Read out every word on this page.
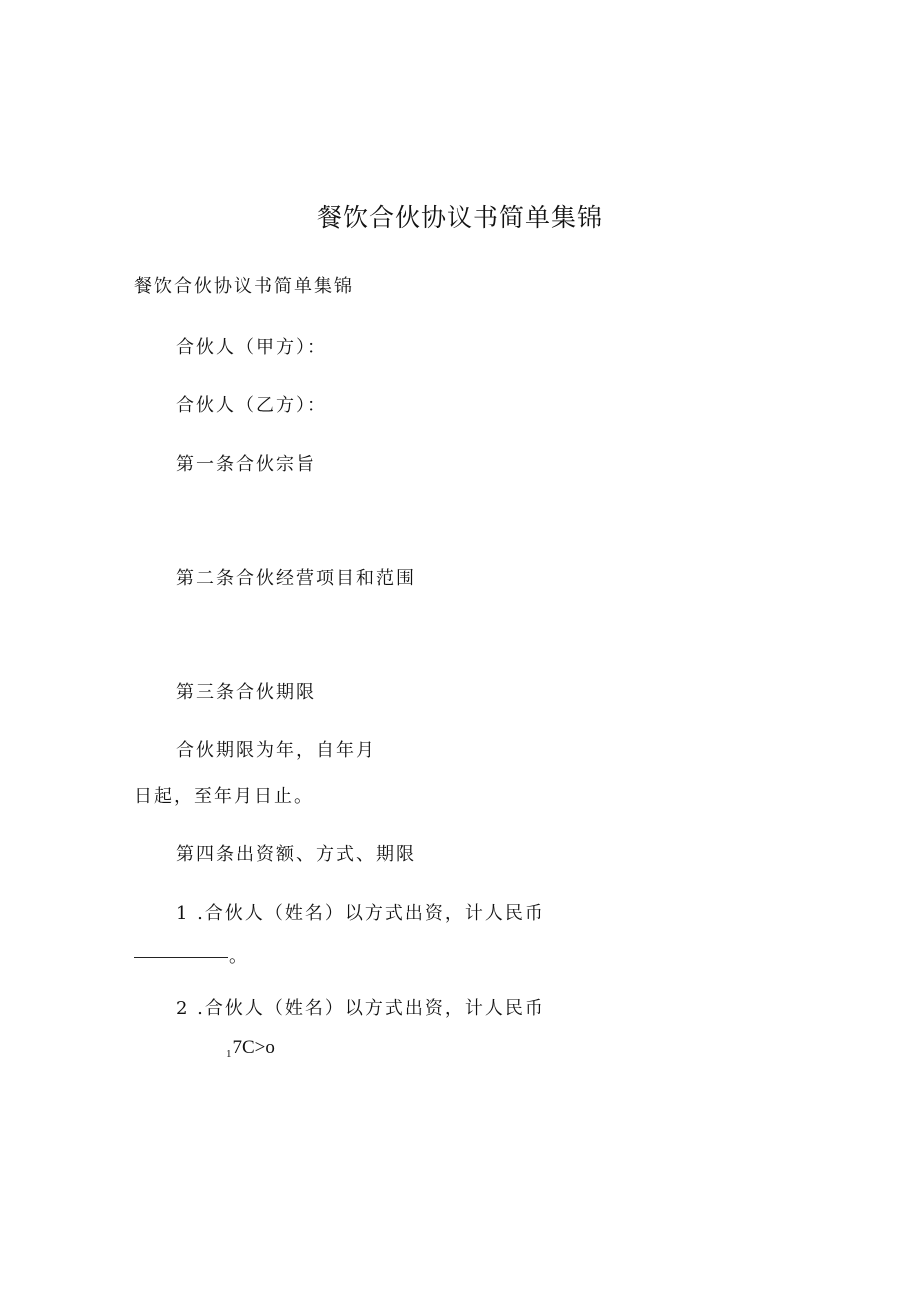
餐饮合伙协议书简单集锦

餐饮合伙协议书简单集锦

合伙人（甲方）：

合伙人（乙方）：

第一条合伙宗旨

第二条合伙经营项目和范围

第三条合伙期限

合伙期限为年，自年月

日起，至年月日止。

第四条出资额、方式、期限

1 .合伙人（姓名）以方式出资，计人民币

。

2 .合伙人（姓名）以方式出资，计人民币

$_1$7C>o
